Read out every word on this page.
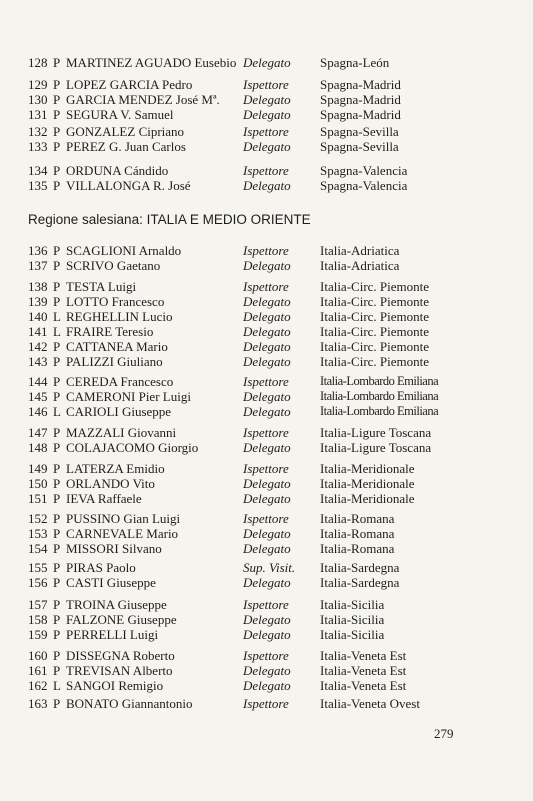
Regione salesiana: ITALIA E MEDIO ORIENTE
279
128 P MARTINEZ AGUADO Eusebio Delegato Spagna-León
129 P LOPEZ GARCIA Pedro	Ispettore Spagna-Madrid
130 P GARCIA MENDEZ José Mª. Delegato Spagna-Madrid
131 P SEGURA V. Samuel	Delegato Spagna-Madrid
132 P GONZALEZ Cipriano	Ispettore Spagna-Sevilla
133 P PEREZ G. Juan Carlos	Delegato Spagna-Sevilla
134 P ORDUNA Cándido	Ispettore Spagna-Valencia
135 P VILLALONGA R. José	Delegato Spagna-Valencia
136 P SCAGLIONI Arnaldo	Ispettore Italia-Adriatica
137 P SCRIVO Gaetano	Delegato Italia-Adriatica
138 P TESTA Luigi	Ispettore Italia-Circ. Piemonte
139 P LOTTO Francesco	Delegato Italia-Circ. Piemonte
140 L REGHELLIN Lucio	Delegato Italia-Circ. Piemonte
141 L FRAIRE Teresio	Delegato Italia-Circ. Piemonte
142 P CATTANEA Mario	Delegato Italia-Circ. Piemonte
143 P PALIZZI Giuliano	Delegato Italia-Circ. Piemonte
144 P CEREDA Francesco	Ispettore	Italia-Lombardo Emiliana
145 P CAMERONI Pier Luigi	Delegato Italia-Lombardo Emiliana
146 L CARIOLI Giuseppe	Delegato Italia-Lombardo Emiliana
147 P MAZZALI Giovanni	Ispettore Italia-Ligure Toscana
148 P COLAJACOMO Giorgio	Delegato Italia-Ligure Toscana
149 P LATERZA Emidio	Ispettore Italia-Meridionale
150 P ORLANDO Vito	Delegato Italia-Meridionale
151 P IEVA Raffaele	Delegato Italia-Meridionale
152 P PUSSINO Gian Luigi	Ispettore Italia-Romana
153 P CARNEVALE Mario	Delegato Italia-Romana
154 P MISSORI Silvano	Delegato Italia-Romana
155 P PIRAS Paolo	Sup. Visit. Italia-Sardegna
156 P CASTI Giuseppe	Delegato Italia-Sardegna
157 P TROINA Giuseppe	Ispettore Italia-Sicilia
158 P FALZONE Giuseppe	Delegato Italia-Sicilia
159 P PERRELLI Luigi	Delegato Italia-Sicilia
160 P DISSEGNA Roberto	Ispettore Italia-Veneta Est
161 P TREVISAN Alberto	Delegato Italia-Veneta Est
162 L SANGOI Remigio	Delegato Italia-Veneta Est
163 P BONATO Giannantonio	Ispettore Italia-Veneta Ovest
